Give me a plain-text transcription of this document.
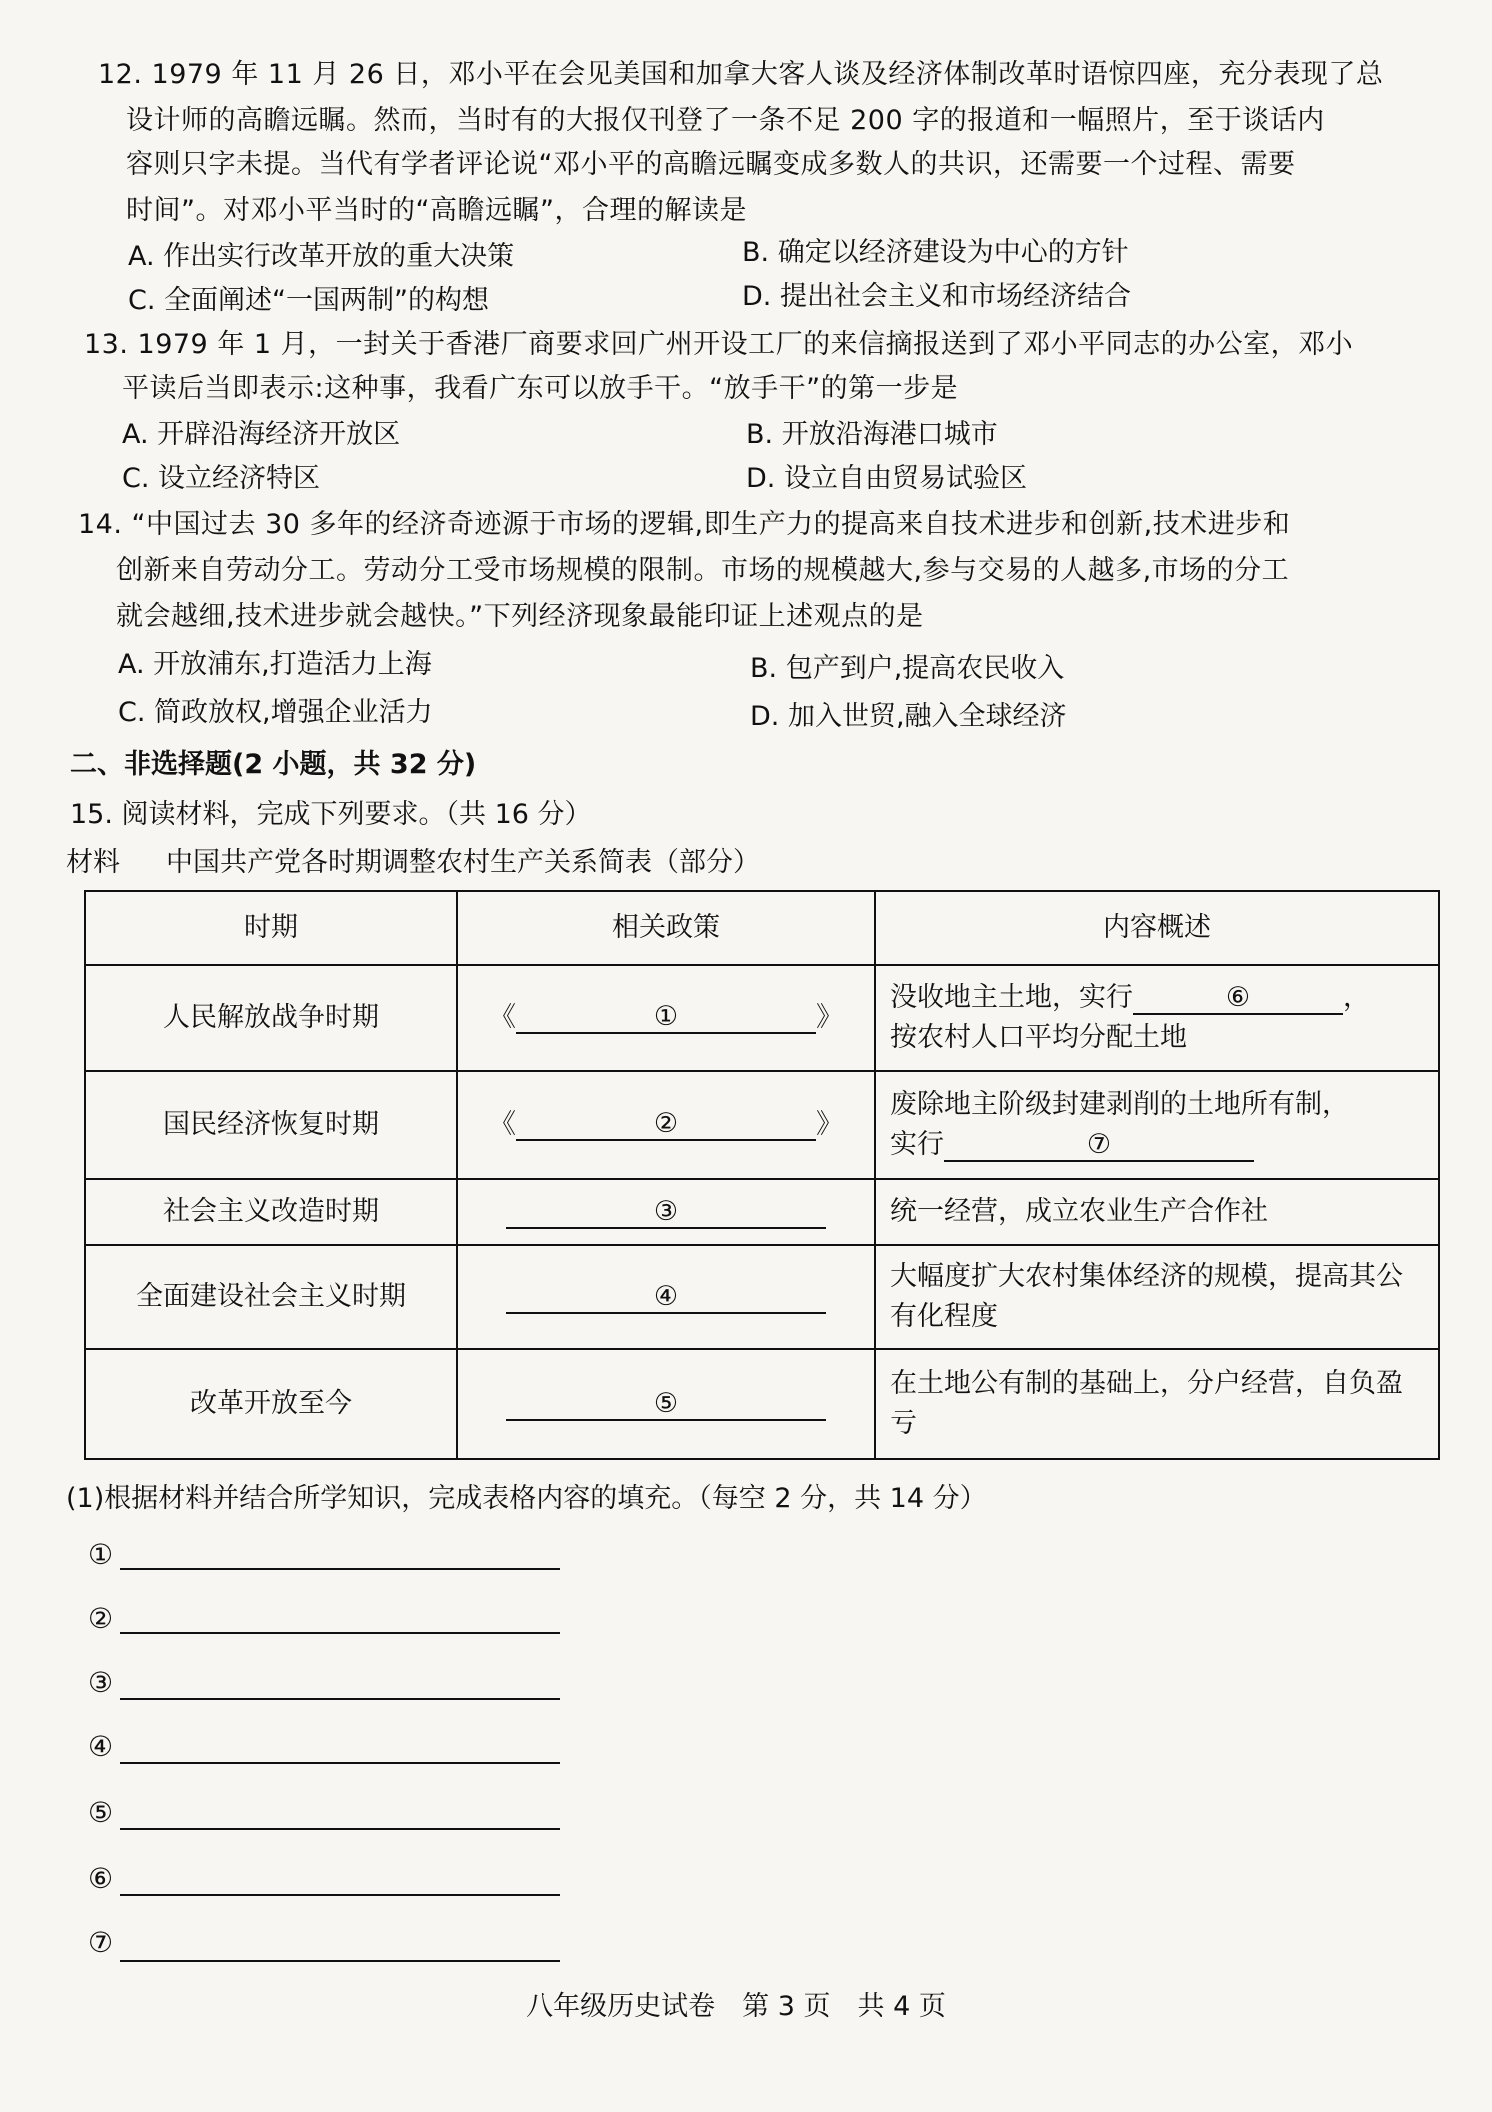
12. 1979 年 11 月 26 日，邓小平在会见美国和加拿大客人谈及经济体制改革时语惊四座，充分表现了总
设计师的高瞻远瞩。然而，当时有的大报仅刊登了一条不足 200 字的报道和一幅照片，至于谈话内
容则只字未提。当代有学者评论说“邓小平的高瞻远瞩变成多数人的共识，还需要一个过程、需要
时间”。对邓小平当时的“高瞻远瞩”，合理的解读是
A. 作出实行改革开放的重大决策	B. 确定以经济建设为中心的方针
C. 全面阐述“一国两制”的构想	D. 提出社会主义和市场经济结合
13. 1979 年 1 月，一封关于香港厂商要求回广州开设工厂的来信摘报送到了邓小平同志的办公室，邓小
平读后当即表示:这种事，我看广东可以放手干。“放手干”的第一步是
A. 开辟沿海经济开放区	B. 开放沿海港口城市
C. 设立经济特区	D. 设立自由贸易试验区
14. “中国过去 30 多年的经济奇迹源于市场的逻辑,即生产力的提高来自技术进步和创新,技术进步和
创新来自劳动分工。劳动分工受市场规模的限制。市场的规模越大,参与交易的人越多,市场的分工
就会越细,技术进步就会越快。”下列经济现象最能印证上述观点的是
A. 开放浦东,打造活力上海	B. 包产到户,提高农民收入
C. 简政放权,增强企业活力	D. 加入世贸,融入全球经济
二、非选择题(2 小题，共 32 分)
15. 阅读材料，完成下列要求。（共 16 分）
材料 中国共产党各时期调整农村生产关系简表（部分）
时期	相关政策	内容概述
人民解放战争时期	《 ① 》	没收地主土地，实行 ⑥ ，
按农村人口平均分配土地
国民经济恢复时期	《 ② 》	废除地主阶级封建剥削的土地所有制，
实行 ⑦
社会主义改造时期	③	统一经营，成立农业生产合作社
全面建设社会主义时期	④	大幅度扩大农村集体经济的规模，提高其公有化程度
改革开放至今	⑤	在土地公有制的基础上，分户经营，自负盈亏
(1)根据材料并结合所学知识，完成表格内容的填充。（每空 2 分，共 14 分）
①
②
③
④
⑤
⑥
⑦
八年级历史试卷　第 3 页　共 4 页
